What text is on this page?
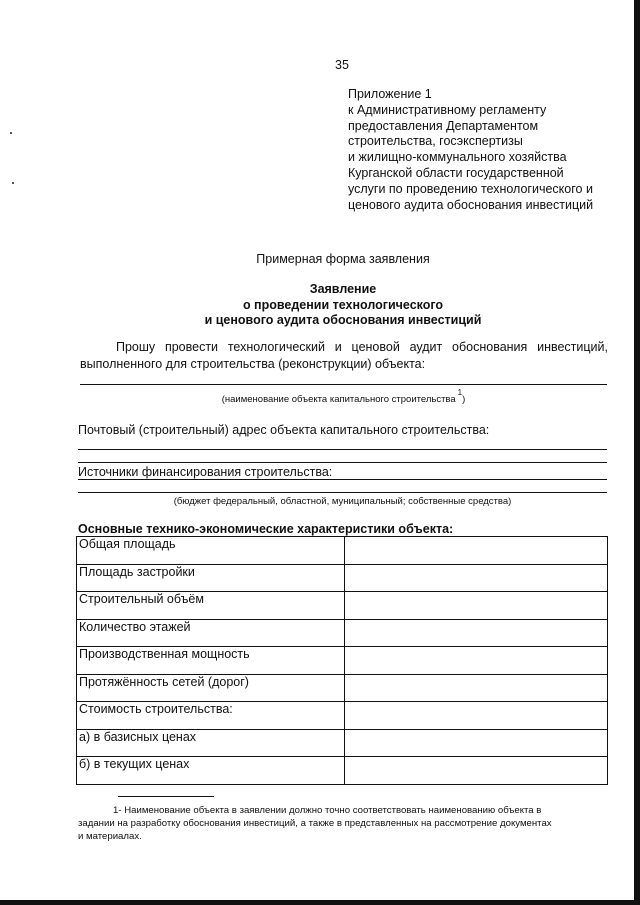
35
Приложение 1
к Административному регламенту
предоставления Департаментом
строительства, госэкспертизы
и жилищно-коммунального хозяйства
Курганской области государственной
услуги по проведению технологического и
ценового аудита обоснования инвестиций
Примерная форма заявления
Заявление
о проведении технологического
и ценового аудита обоснования инвестиций
Прошу провести технологический и ценовой аудит обоснования инвестиций,
выполненного для строительства (реконструкции) объекта:
(наименование объекта капитального строительства$^1$)
Почтовый (строительный) адрес объекта капитального строительства:
Источники финансирования строительства:
(бюджет федеральный, областной, муниципальный; собственные средства)
Основные технико-экономические характеристики объекта:
Общая площадь	
Площадь застройки	
Строительный объём	
Количество этажей	
Производственная мощность	
Протяжённость сетей (дорог)	
Стоимость строительства:	
а) в базисных ценах	
б) в текущих ценах	
1- Наименование объекта в заявлении должно точно соответствовать наименованию объекта в
задании на разработку обоснования инвестиций, а также в представленных на рассмотрение документах
и материалах.
